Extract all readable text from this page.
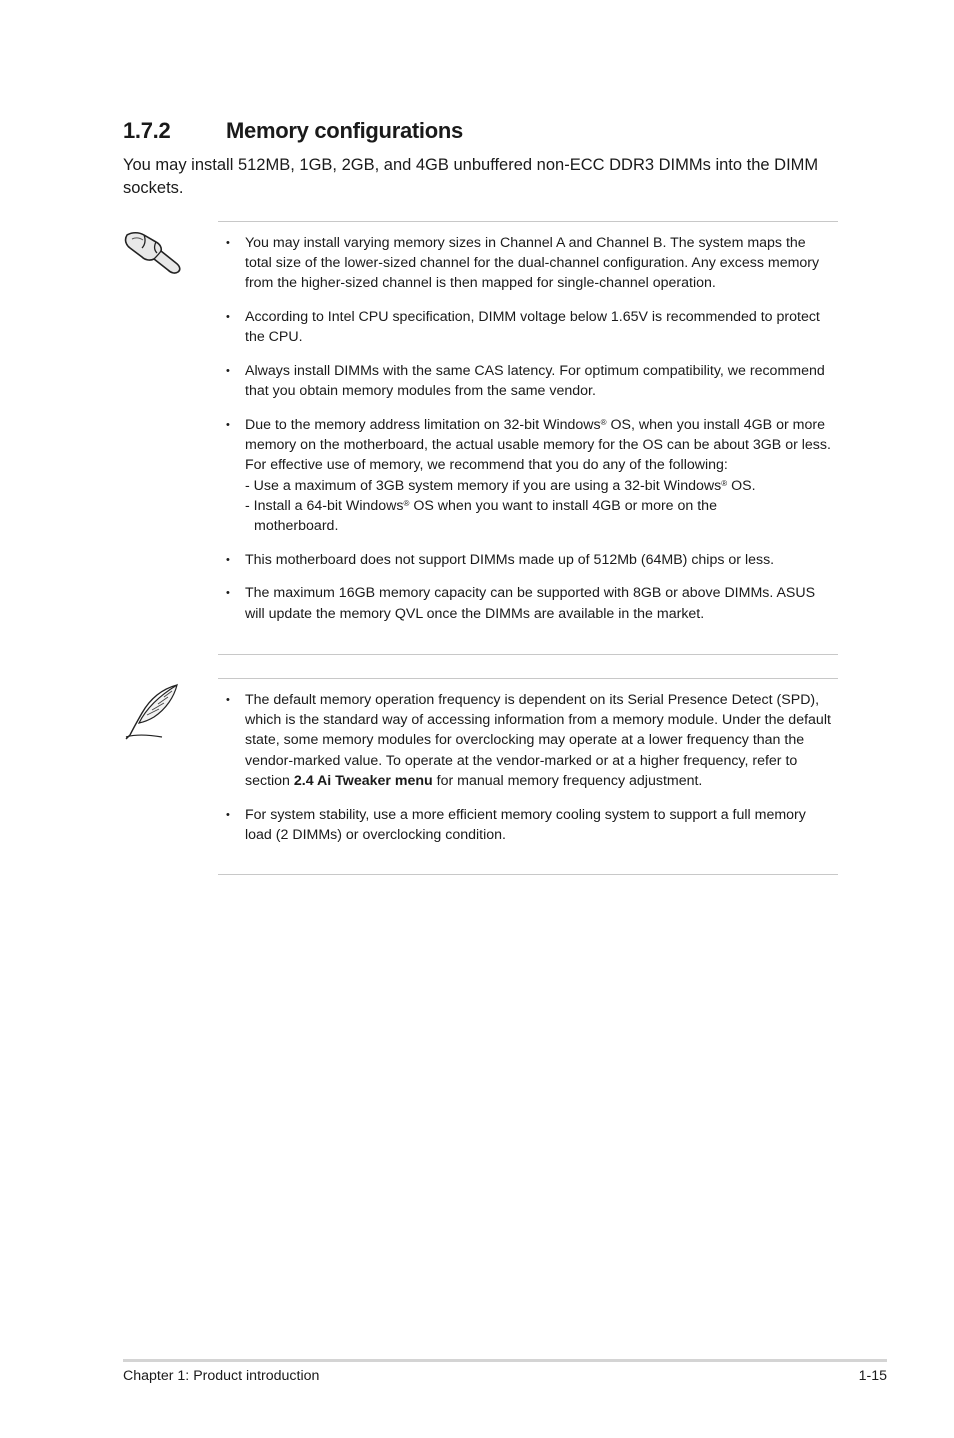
1.7.2	Memory configurations

You may install 512MB, 1GB, 2GB, and 4GB unbuffered non-ECC DDR3 DIMMs into the DIMM sockets.

• You may install varying memory sizes in Channel A and Channel B. The system maps the total size of the lower-sized channel for the dual-channel configuration. Any excess memory from the higher-sized channel is then mapped for single-channel operation.
• According to Intel CPU specification, DIMM voltage below 1.65V is recommended to protect the CPU.
• Always install DIMMs with the same CAS latency. For optimum compatibility, we recommend that you obtain memory modules from the same vendor.
• Due to the memory address limitation on 32-bit Windows® OS, when you install 4GB or more memory on the motherboard, the actual usable memory for the OS can be about 3GB or less. For effective use of memory, we recommend that you do any of the following:
- Use a maximum of 3GB system memory if you are using a 32-bit Windows® OS.
- Install a 64-bit Windows® OS when you want to install 4GB or more on the
motherboard.
• This motherboard does not support DIMMs made up of 512Mb (64MB) chips or less.
• The maximum 16GB memory capacity can be supported with 8GB or above DIMMs. ASUS will update the memory QVL once the DIMMs are available in the market.
• The default memory operation frequency is dependent on its Serial Presence Detect (SPD), which is the standard way of accessing information from a memory module. Under the default state, some memory modules for overclocking may operate at a lower frequency than the vendor-marked value. To operate at the vendor-marked or at a higher frequency, refer to section 2.4 Ai Tweaker menu for manual memory frequency adjustment.
• For system stability, use a more efficient memory cooling system to support a full memory load (2 DIMMs) or overclocking condition.
Chapter 1: Product introduction	1-15
